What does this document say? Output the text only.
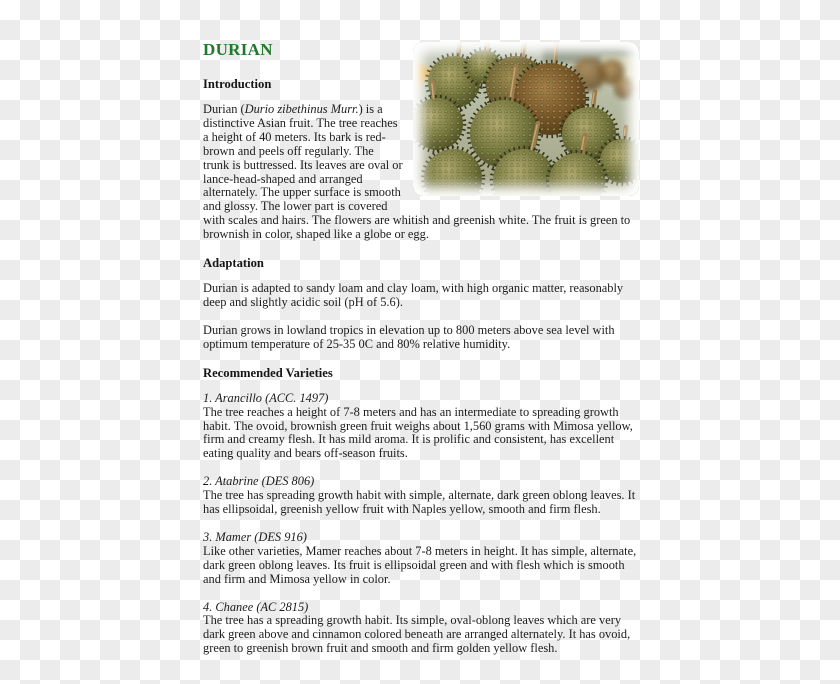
DURIAN
Introduction

Durian (Durio zibethinus Murr.) is a distinctive Asian fruit. The tree reaches a height of 40 meters. Its bark is red-brown and peels off regularly. The trunk is buttressed. Its leaves are oval or lance-head-shaped and arranged alternately. The upper surface is smooth and glossy. The lower part is covered with scales and hairs. The flowers are whitish and greenish white. The fruit is green to brownish in color, shaped like a globe or egg.

Adaptation

Durian is adapted to sandy loam and clay loam, with high organic matter, reasonably deep and slightly acidic soil (pH of 5.6).

Durian grows in lowland tropics in elevation up to 800 meters above sea level with optimum temperature of 25-35 0C and 80% relative humidity.

Recommended Varieties

1. Arancillo (ACC. 1497)
The tree reaches a height of 7-8 meters and has an intermediate to spreading growth habit. The ovoid, brownish green fruit weighs about 1,560 grams with Mimosa yellow, firm and creamy flesh. It has mild aroma. It is prolific and consistent, has excellent eating quality and bears off-season fruits.

2. Atabrine (DES 806)
The tree has spreading growth habit with simple, alternate, dark green oblong leaves. It has ellipsoidal, greenish yellow fruit with Naples yellow, smooth and firm flesh.

3. Mamer (DES 916)
Like other varieties, Mamer reaches about 7-8 meters in height. It has simple, alternate, dark green oblong leaves. Its fruit is ellipsoidal green and with flesh which is smooth and firm and Mimosa yellow in color.

4. Chanee (AC 2815)
The tree has a spreading growth habit. Its simple, oval-oblong leaves which are very dark green above and cinnamon colored beneath are arranged alternately. It has ovoid, green to greenish brown fruit and smooth and firm golden yellow flesh.
